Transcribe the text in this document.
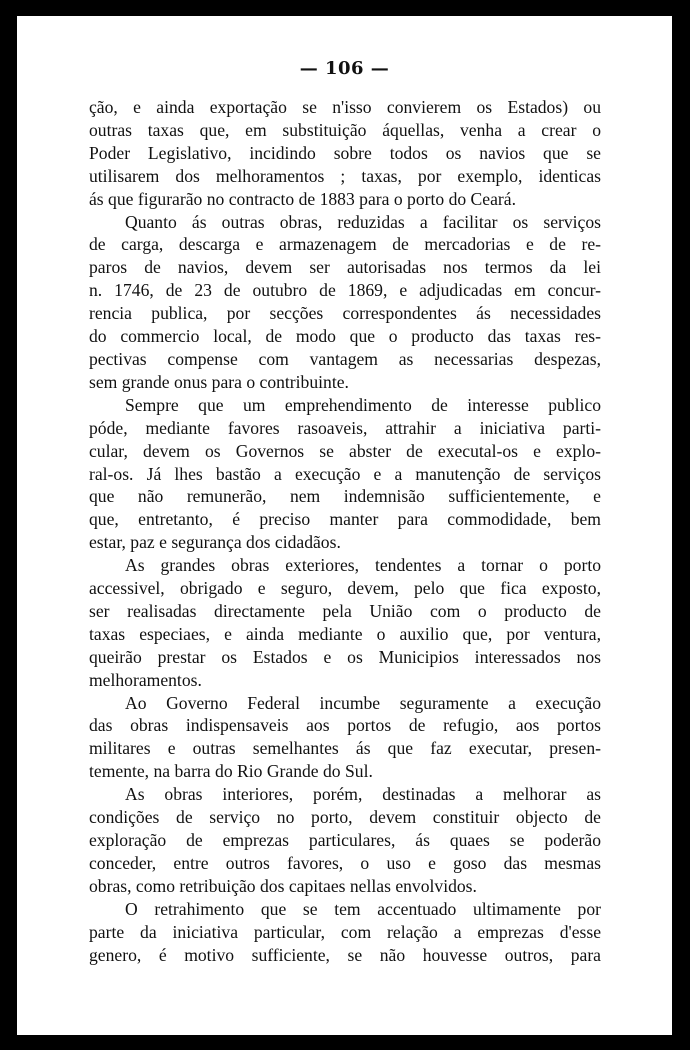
— 106 —

ção, e ainda exportação se n'isso convierem os Estados) ou
outras taxas que, em substituição áquellas, venha a crear o
Poder Legislativo, incidindo sobre todos os navios que se
utilisarem dos melhoramentos ; taxas, por exemplo, identicas
ás que figurarão no contracto de 1883 para o porto do Ceará.

Quanto ás outras obras, reduzidas a facilitar os serviços
de carga, descarga e armazenagem de mercadorias e de re-
paros de navios, devem ser autorisadas nos termos da lei
n. 1746, de 23 de outubro de 1869, e adjudicadas em concur-
rencia publica, por secções correspondentes ás necessidades
do commercio local, de modo que o producto das taxas res-
pectivas compense com vantagem as necessarias despezas,
sem grande onus para o contribuinte.

Sempre que um emprehendimento de interesse publico
póde, mediante favores rasoaveis, attrahir a iniciativa parti-
cular, devem os Governos se abster de executal-os e explo-
ral-os. Já lhes bastão a execução e a manutenção de serviços
que não remunerão, nem indemnisão sufficientemente, e
que, entretanto, é preciso manter para commodidade, bem
estar, paz e segurança dos cidadãos.

As grandes obras exteriores, tendentes a tornar o porto
accessivel, obrigado e seguro, devem, pelo que fica exposto,
ser realisadas directamente pela União com o producto de
taxas especiaes, e ainda mediante o auxilio que, por ventura,
queirão prestar os Estados e os Municipios interessados nos
melhoramentos.

Ao Governo Federal incumbe seguramente a execução
das obras indispensaveis aos portos de refugio, aos portos
militares e outras semelhantes ás que faz executar, presen-
temente, na barra do Rio Grande do Sul.

As obras interiores, porém, destinadas a melhorar as
condições de serviço no porto, devem constituir objecto de
exploração de emprezas particulares, ás quaes se poderão
conceder, entre outros favores, o uso e goso das mesmas
obras, como retribuição dos capitaes nellas envolvidos.

O retrahimento que se tem accentuado ultimamente por
parte da iniciativa particular, com relação a emprezas d'esse
genero, é motivo sufficiente, se não houvesse outros, para
